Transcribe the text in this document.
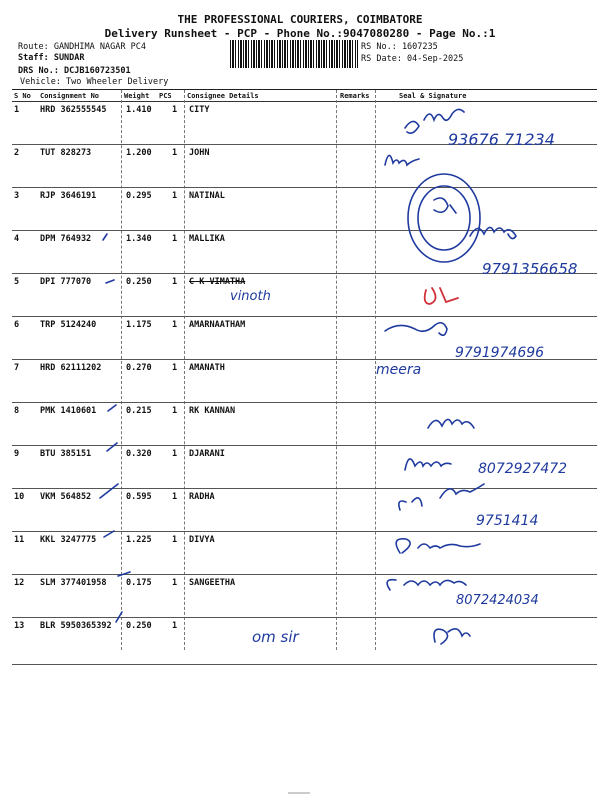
THE PROFESSIONAL COURIERS, COIMBATORE
Delivery Runsheet - PCP - Phone No.:9047080280 - Page No.:1
Route: GANDHIMA NAGAR PC4
Staff: SUNDAR
DRS No.: DCJB160723501
Vehicle: Two Wheeler Delivery
RS No.: 1607235
RS Date: 04-Sep-2025
S No Consignment No	Weight PCS Consignee Details	Remarks	Seal & Signature
1 HRD 362555545 1.410 1 CITY
2 TUT 828273	1.200 1 JOHN
3 RJP 3646191	0.295 1 NATINAL
4 DPM 764932	1.340 1 MALLIKA
5 DPI 777070	0.250 1 C K VIMATHA
6 TRP 5124240	1.175 1 AMARNAATHAM
7 HRD 62111202	0.270 1 AMANATH
8 PMK 1410601	0.215 1 RK KANNAN
9 BTU 385151	0.320 1 DJARANI
10 VKM 564852	0.595 1 RADHA
11 KKL 3247775	1.225 1 DIVYA
12 SLM 377401958 0.175 1 SANGEETHA
13 BLR 5950365392 0.250 1
93676 71234
9791356658
vinoth
9791974696
meera
8072927472
9751414
8072424034
om sir
